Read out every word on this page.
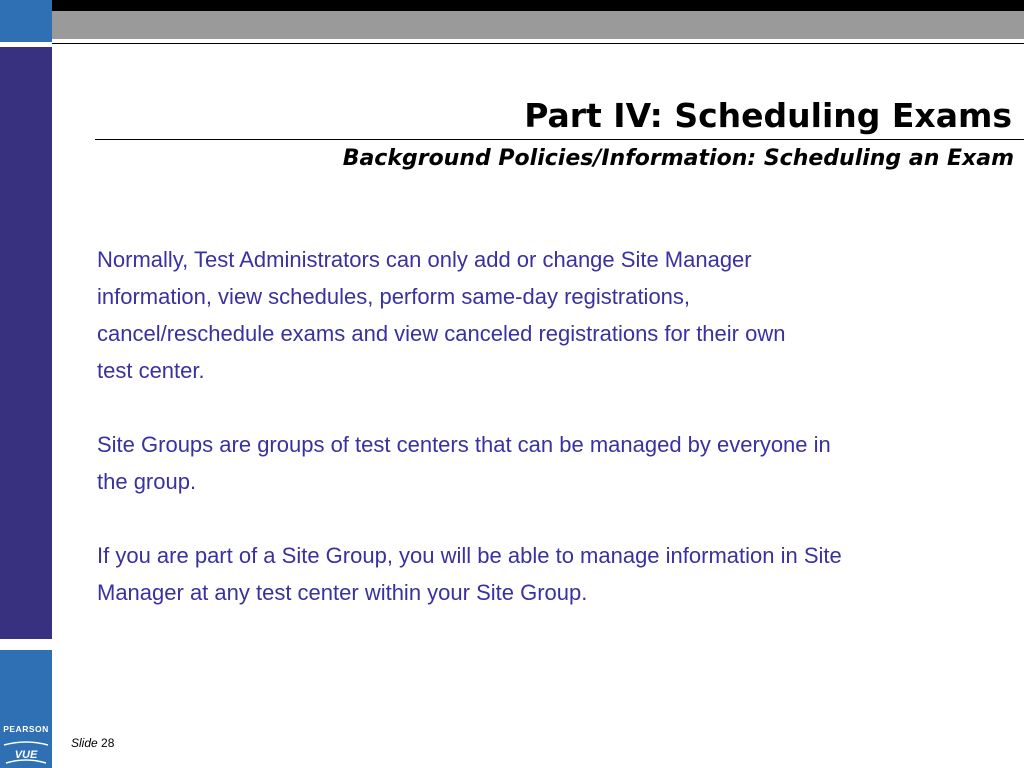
PEARSON
VUE
Part IV: Scheduling Exams
Background Policies/Information: Scheduling an Exam

Normally, Test Administrators can only add or change Site Manager
information, view schedules, perform same-day registrations,
cancel/reschedule exams and view canceled registrations for their own
test center.

Site Groups are groups of test centers that can be managed by everyone in
the group.

If you are part of a Site Group, you will be able to manage information in Site
Manager at any test center within your Site Group.

Slide 28
